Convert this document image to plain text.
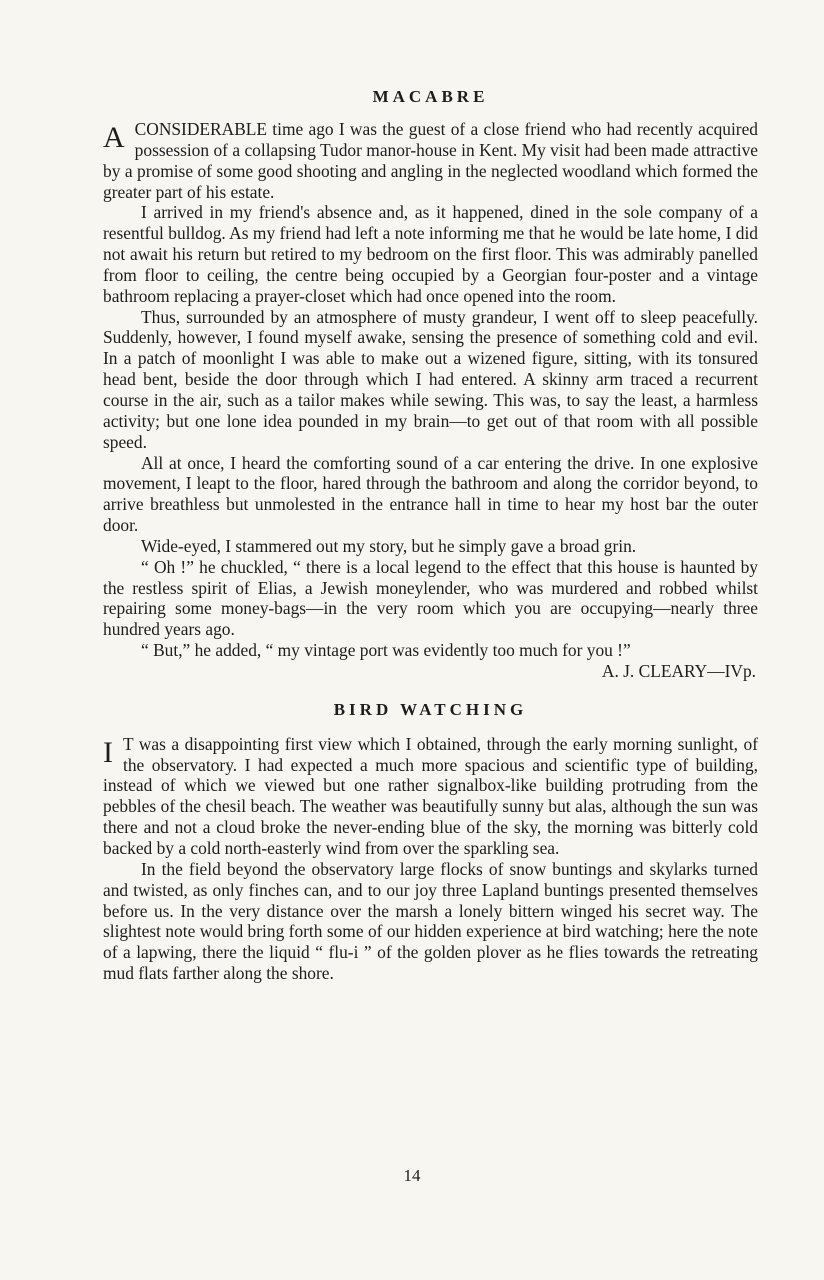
MACABRE

A CONSIDERABLE time ago I was the guest of a close friend who had recently acquired possession of a collapsing Tudor manor-house in Kent. My visit had been made attractive by a promise of some good shooting and angling in the neglected woodland which formed the greater part of his estate.

I arrived in my friend's absence and, as it happened, dined in the sole company of a resentful bulldog. As my friend had left a note informing me that he would be late home, I did not await his return but retired to my bedroom on the first floor. This was admirably panelled from floor to ceiling, the centre being occupied by a Georgian four-poster and a vintage bathroom replacing a prayer-closet which had once opened into the room.

Thus, surrounded by an atmosphere of musty grandeur, I went off to sleep peacefully. Suddenly, however, I found myself awake, sensing the presence of something cold and evil. In a patch of moonlight I was able to make out a wizened figure, sitting, with its tonsured head bent, beside the door through which I had entered. A skinny arm traced a recurrent course in the air, such as a tailor makes while sewing. This was, to say the least, a harmless activity; but one lone idea pounded in my brain—to get out of that room with all possible speed.

All at once, I heard the comforting sound of a car entering the drive. In one explosive movement, I leapt to the floor, hared through the bathroom and along the corridor beyond, to arrive breathless but unmolested in the entrance hall in time to hear my host bar the outer door.

Wide-eyed, I stammered out my story, but he simply gave a broad grin.

“ Oh !” he chuckled, “ there is a local legend to the effect that this house is haunted by the restless spirit of Elias, a Jewish moneylender, who was murdered and robbed whilst repairing some money-bags—in the very room which you are occupying—nearly three hundred years ago.

“ But,” he added, “ my vintage port was evidently too much for you !”

A. J. CLEARY—IVp.

BIRD WATCHING

I T was a disappointing first view which I obtained, through the early morning sunlight, of the observatory. I had expected a much more spacious and scientific type of building, instead of which we viewed but one rather signalbox-like building protruding from the pebbles of the chesil beach. The weather was beautifully sunny but alas, although the sun was there and not a cloud broke the never-ending blue of the sky, the morning was bitterly cold backed by a cold north-easterly wind from over the sparkling sea.

In the field beyond the observatory large flocks of snow buntings and skylarks turned and twisted, as only finches can, and to our joy three Lapland buntings presented themselves before us. In the very distance over the marsh a lonely bittern winged his secret way. The slightest note would bring forth some of our hidden experience at bird watching; here the note of a lapwing, there the liquid “ flu-i ” of the golden plover as he flies towards the retreating mud flats farther along the shore.

14
